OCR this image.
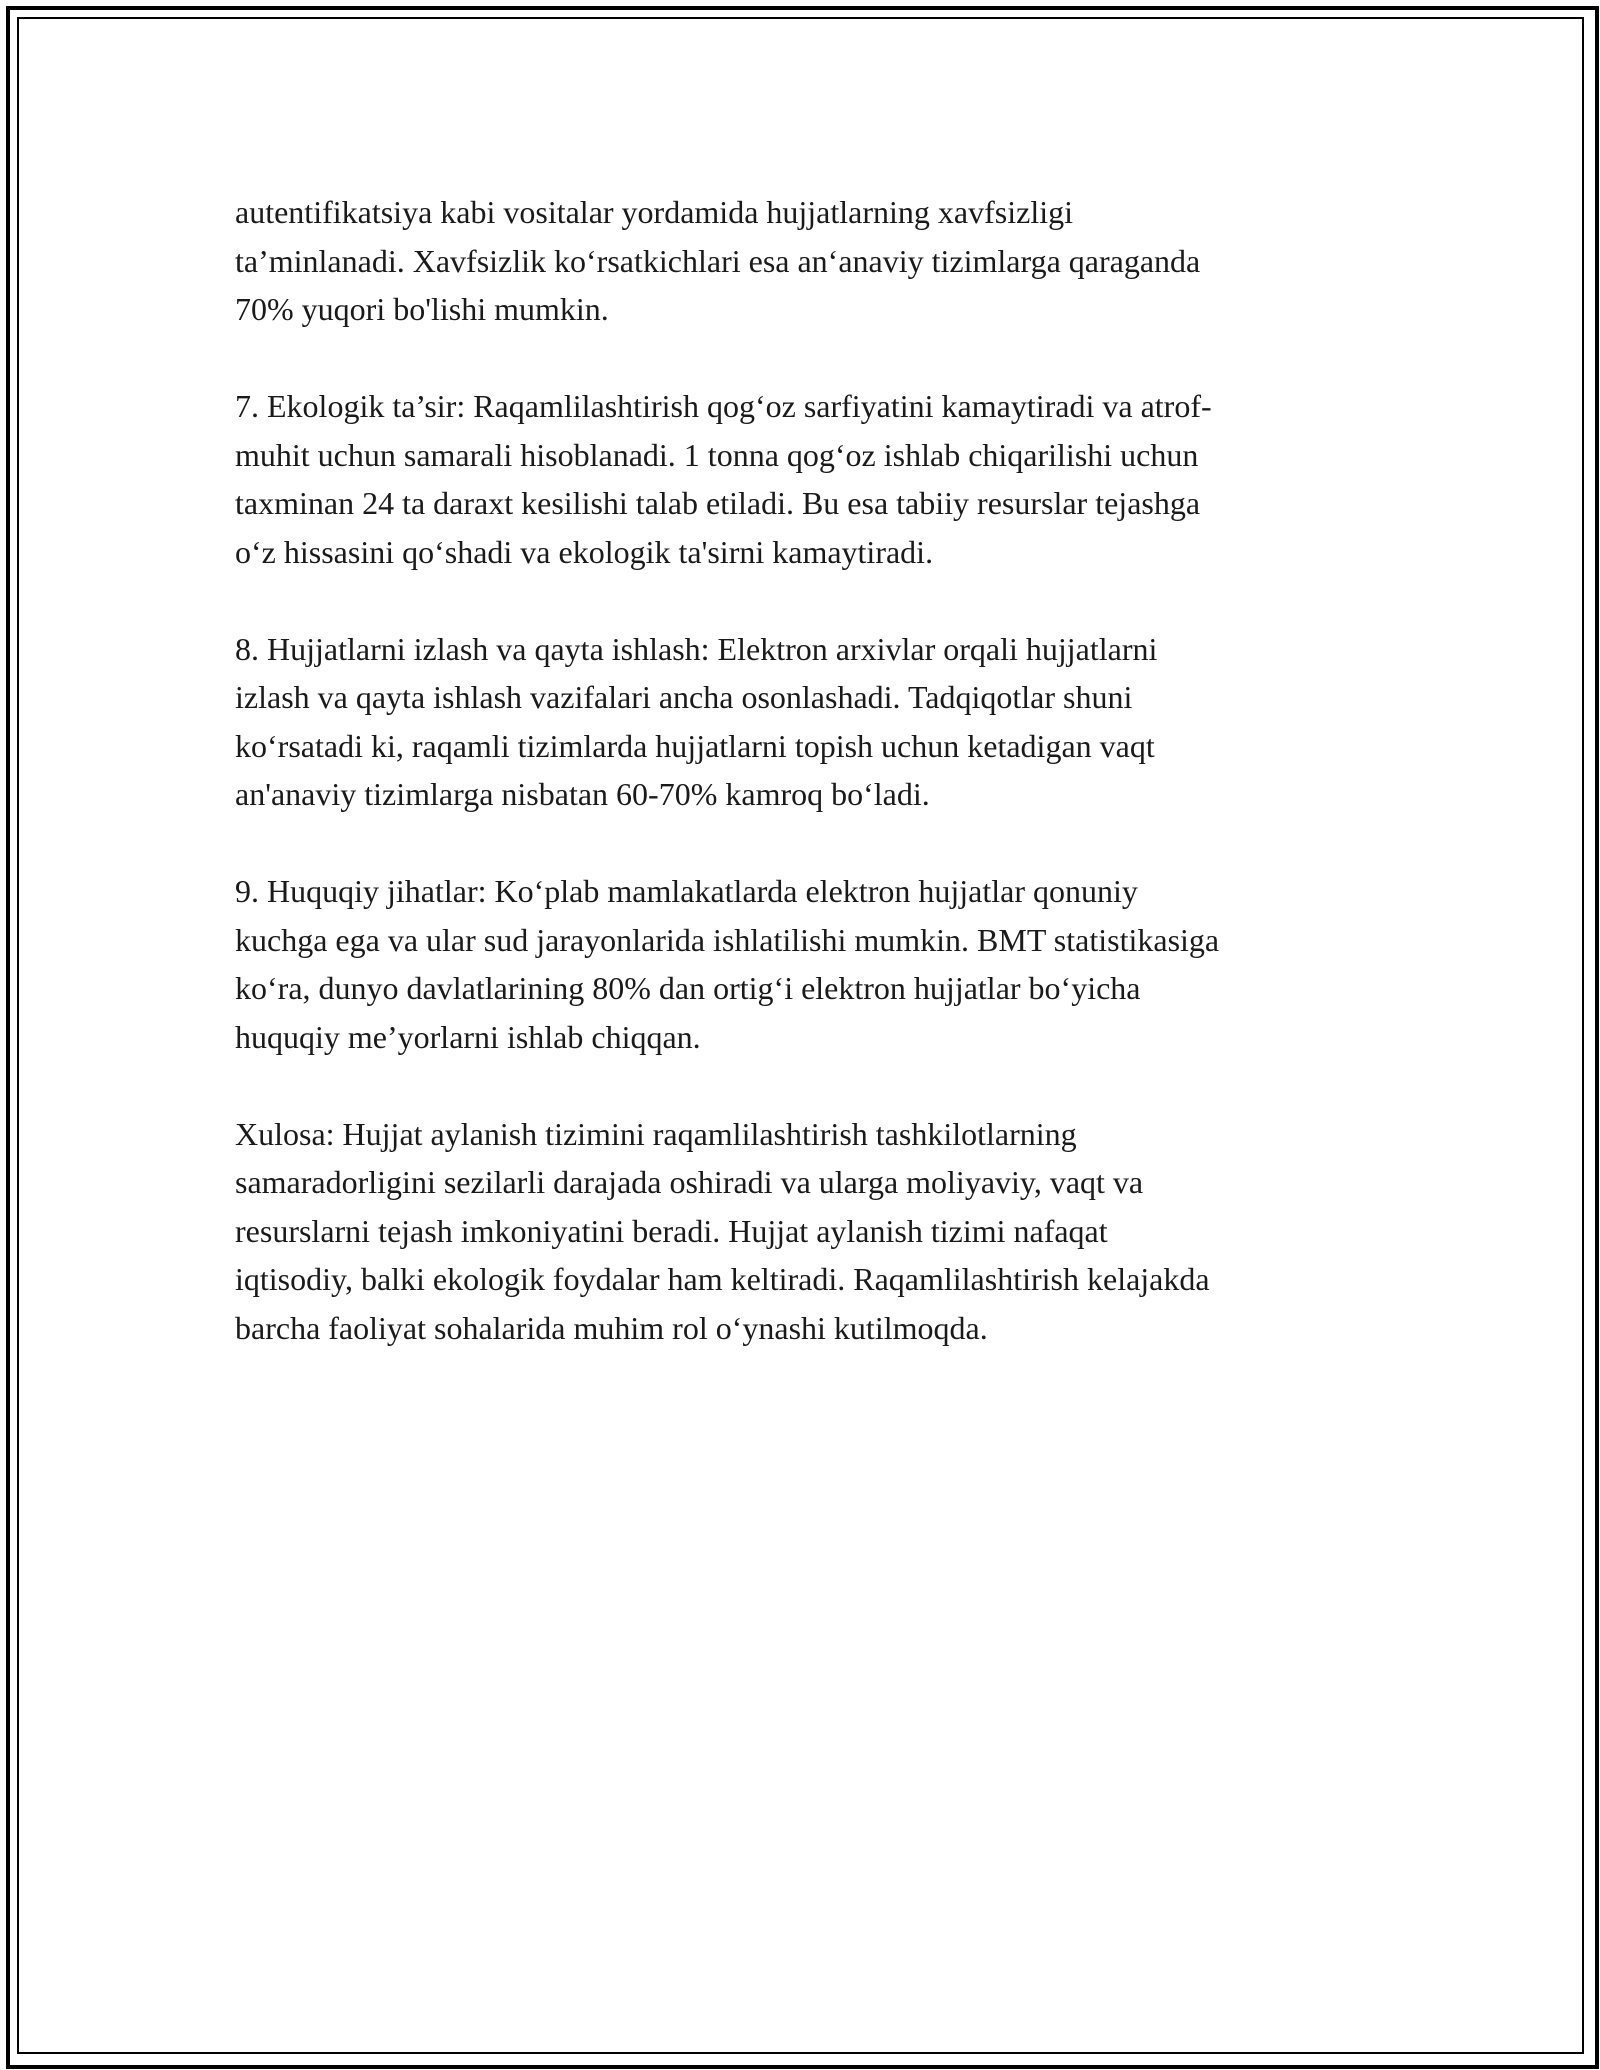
autentifikatsiya kabi vositalar yordamida hujjatlarning xavfsizligi
ta’minlanadi. Xavfsizlik ko‘rsatkichlari esa an‘anaviy tizimlarga qaraganda
70% yuqori bo'lishi mumkin.

7. Ekologik ta’sir: Raqamlilashtirish qog‘oz sarfiyatini kamaytiradi va atrof-
muhit uchun samarali hisoblanadi. 1 tonna qog‘oz ishlab chiqarilishi uchun
taxminan 24 ta daraxt kesilishi talab etiladi. Bu esa tabiiy resurslar tejashga
o‘z hissasini qo‘shadi va ekologik ta'sirni kamaytiradi.

8. Hujjatlarni izlash va qayta ishlash: Elektron arxivlar orqali hujjatlarni
izlash va qayta ishlash vazifalari ancha osonlashadi. Tadqiqotlar shuni
ko‘rsatadi ki, raqamli tizimlarda hujjatlarni topish uchun ketadigan vaqt
an'anaviy tizimlarga nisbatan 60-70% kamroq bo‘ladi.

9. Huquqiy jihatlar: Ko‘plab mamlakatlarda elektron hujjatlar qonuniy
kuchga ega va ular sud jarayonlarida ishlatilishi mumkin. BMT statistikasiga
ko‘ra, dunyo davlatlarining 80% dan ortig‘i elektron hujjatlar bo‘yicha
huquqiy me’yorlarni ishlab chiqqan.

Xulosa: Hujjat aylanish tizimini raqamlilashtirish tashkilotlarning
samaradorligini sezilarli darajada oshiradi va ularga moliyaviy, vaqt va
resurslarni tejash imkoniyatini beradi. Hujjat aylanish tizimi nafaqat
iqtisodiy, balki ekologik foydalar ham keltiradi. Raqamlilashtirish kelajakda
barcha faoliyat sohalarida muhim rol o‘ynashi kutilmoqda.
